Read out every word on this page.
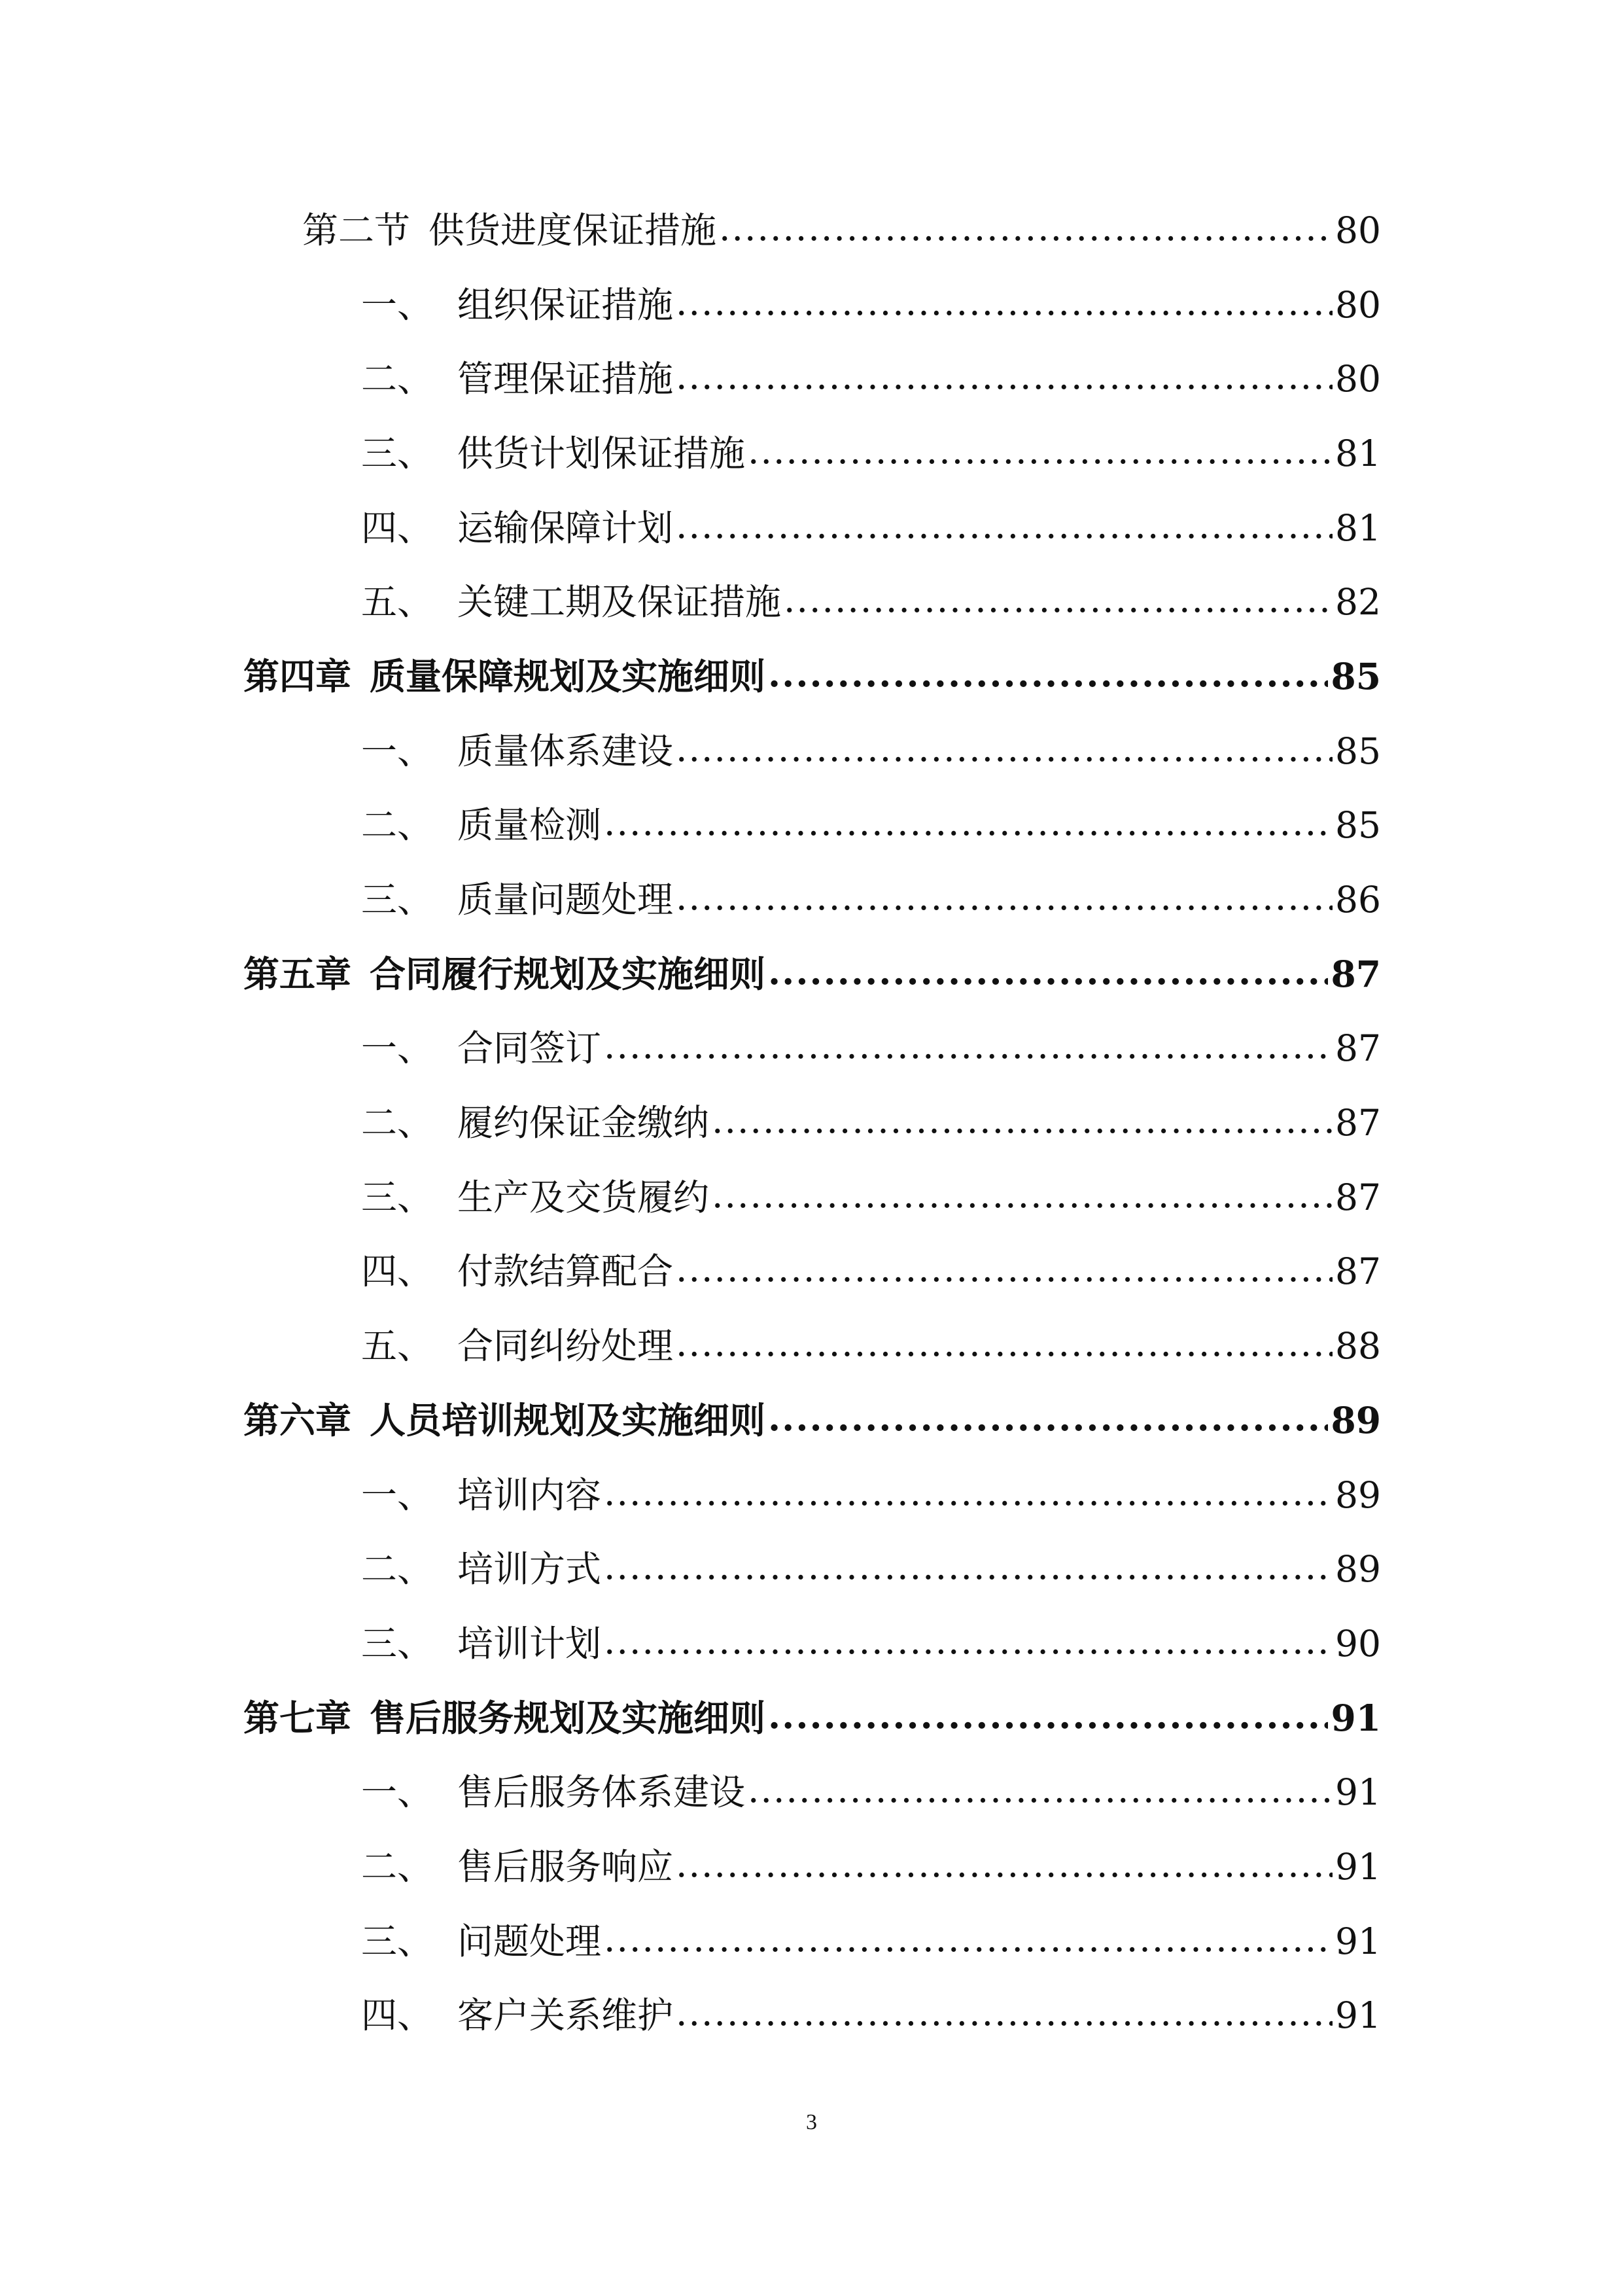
第二节 供货进度保证措施 .....	80
一、 组织保证措施 .....	80
二、 管理保证措施 .....	80
三、 供货计划保证措施 .....	81
四、 运输保障计划 .....	81
五、 关键工期及保证措施 .....	82
第四章 质量保障规划及实施细则 .....	85
一、 质量体系建设 .....	85
二、 质量检测 .....	85
三、 质量问题处理 .....	86
第五章 合同履行规划及实施细则 .....	87
一、 合同签订 .....	87
二、 履约保证金缴纳 .....	87
三、 生产及交货履约 .....	87
四、 付款结算配合 .....	87
五、 合同纠纷处理 .....	88
第六章 人员培训规划及实施细则 .....	89
一、 培训内容 .....	89
二、 培训方式 .....	89
三、 培训计划 .....	90
第七章 售后服务规划及实施细则 .....	91
一、 售后服务体系建设 .....	91
二、 售后服务响应 .....	91
三、 问题处理 .....	91
四、 客户关系维护 .....	91
3
